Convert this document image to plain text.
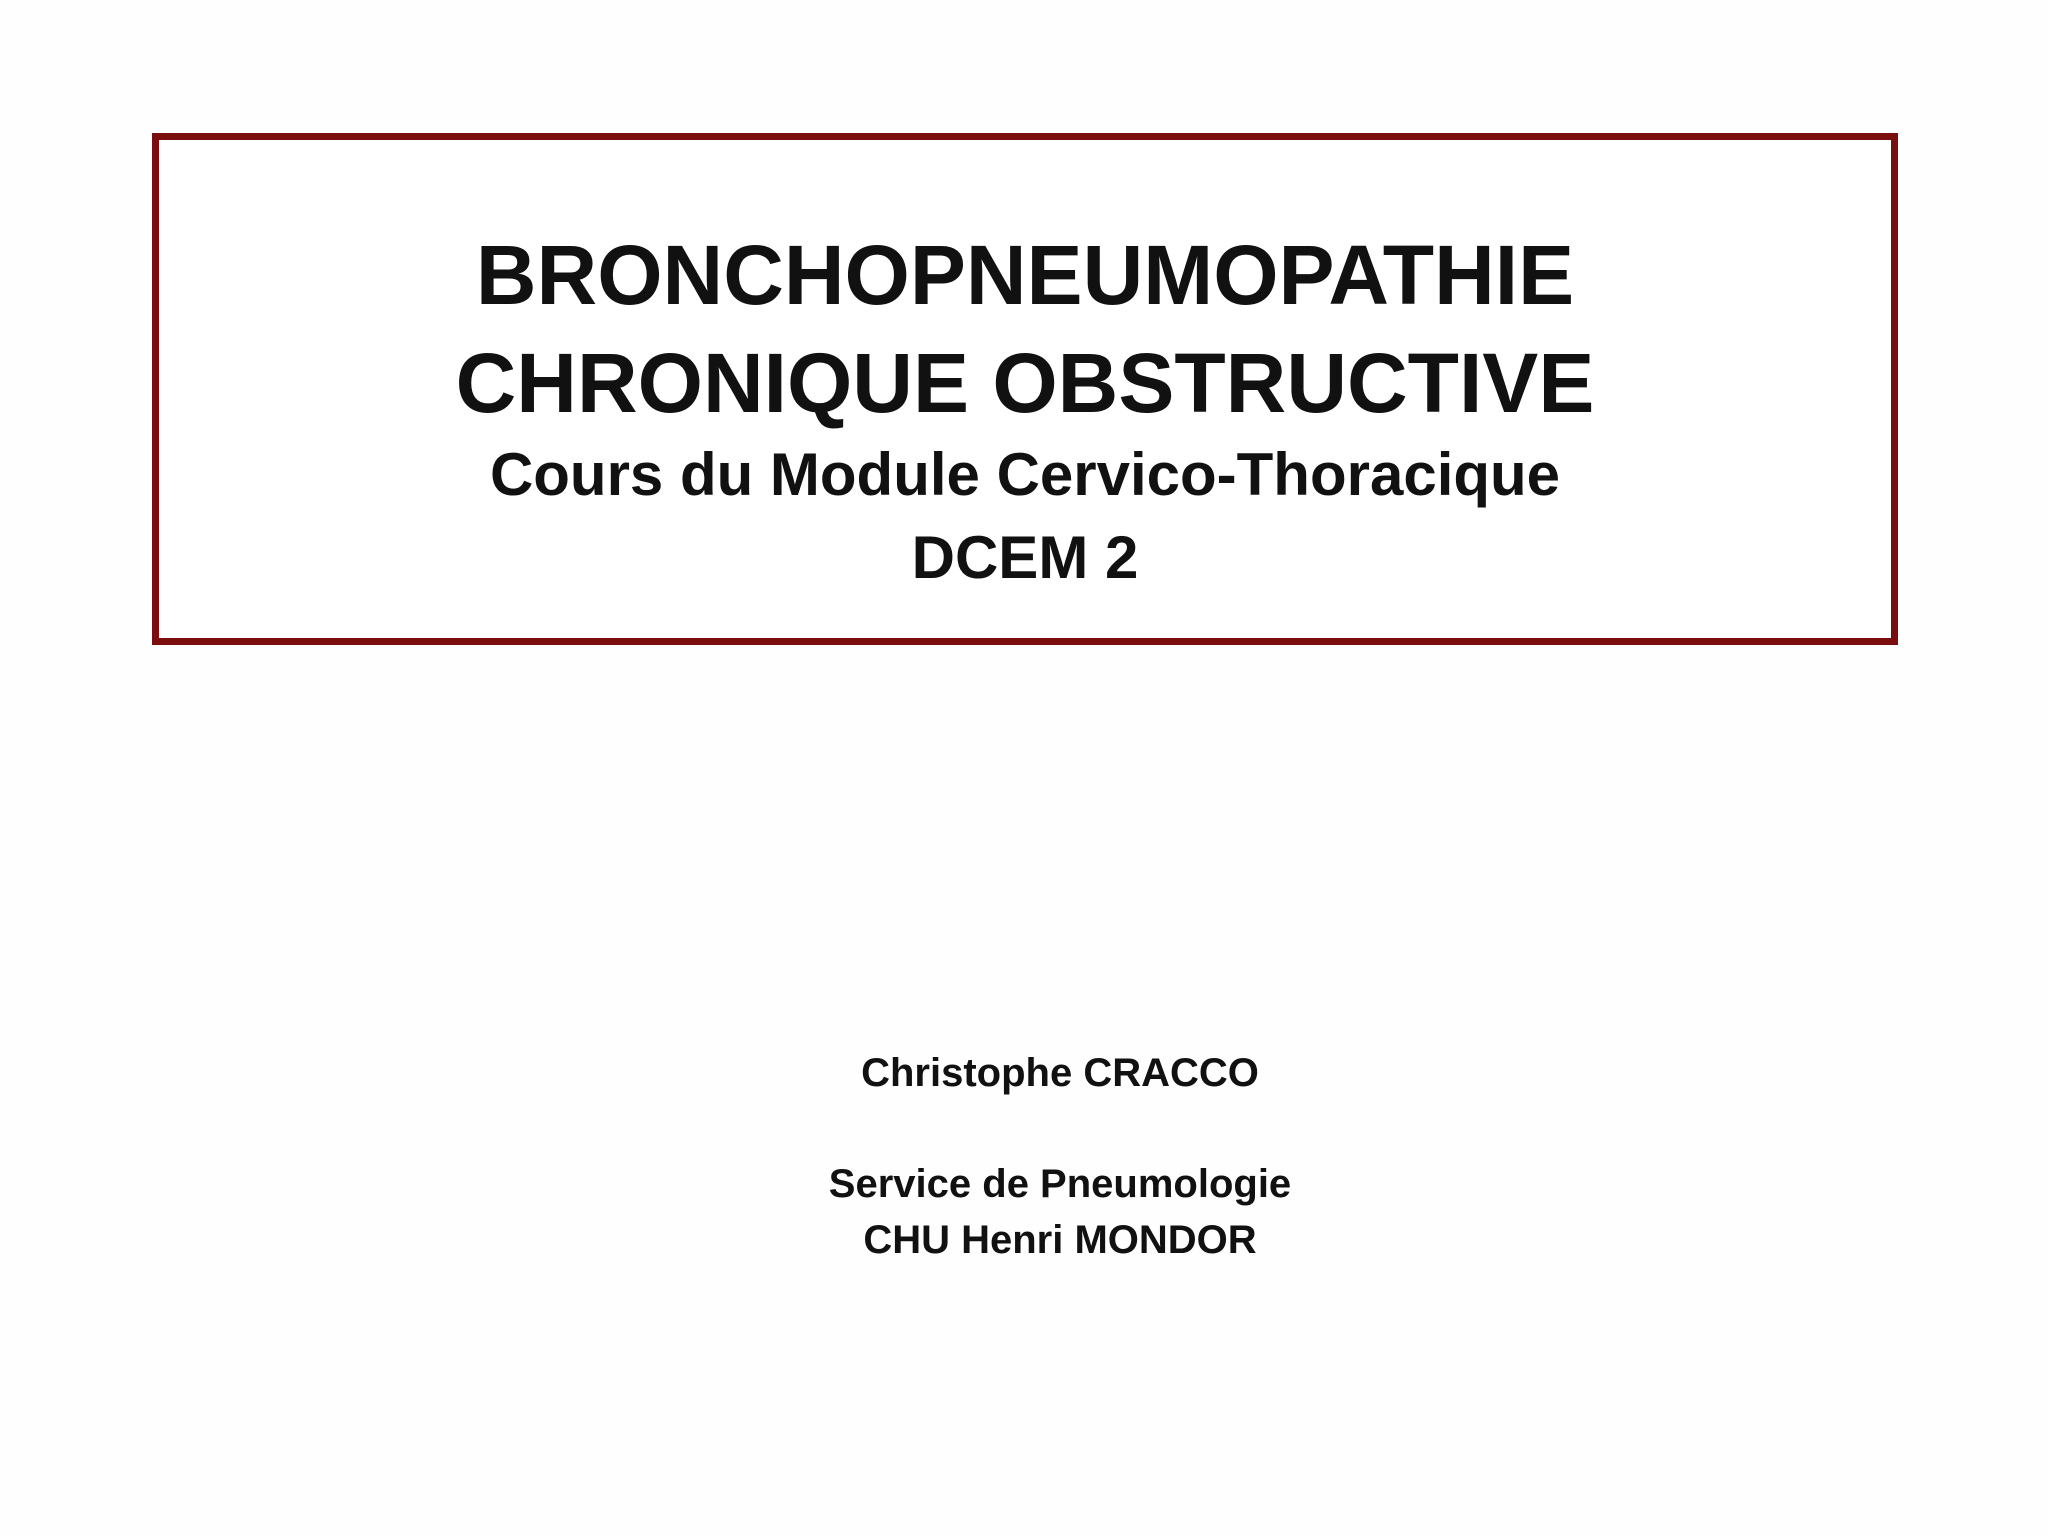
BRONCHOPNEUMOPATHIE
CHRONIQUE OBSTRUCTIVE
Cours du Module Cervico-Thoracique
DCEM 2
Christophe CRACCO
Service de Pneumologie
CHU Henri MONDOR
